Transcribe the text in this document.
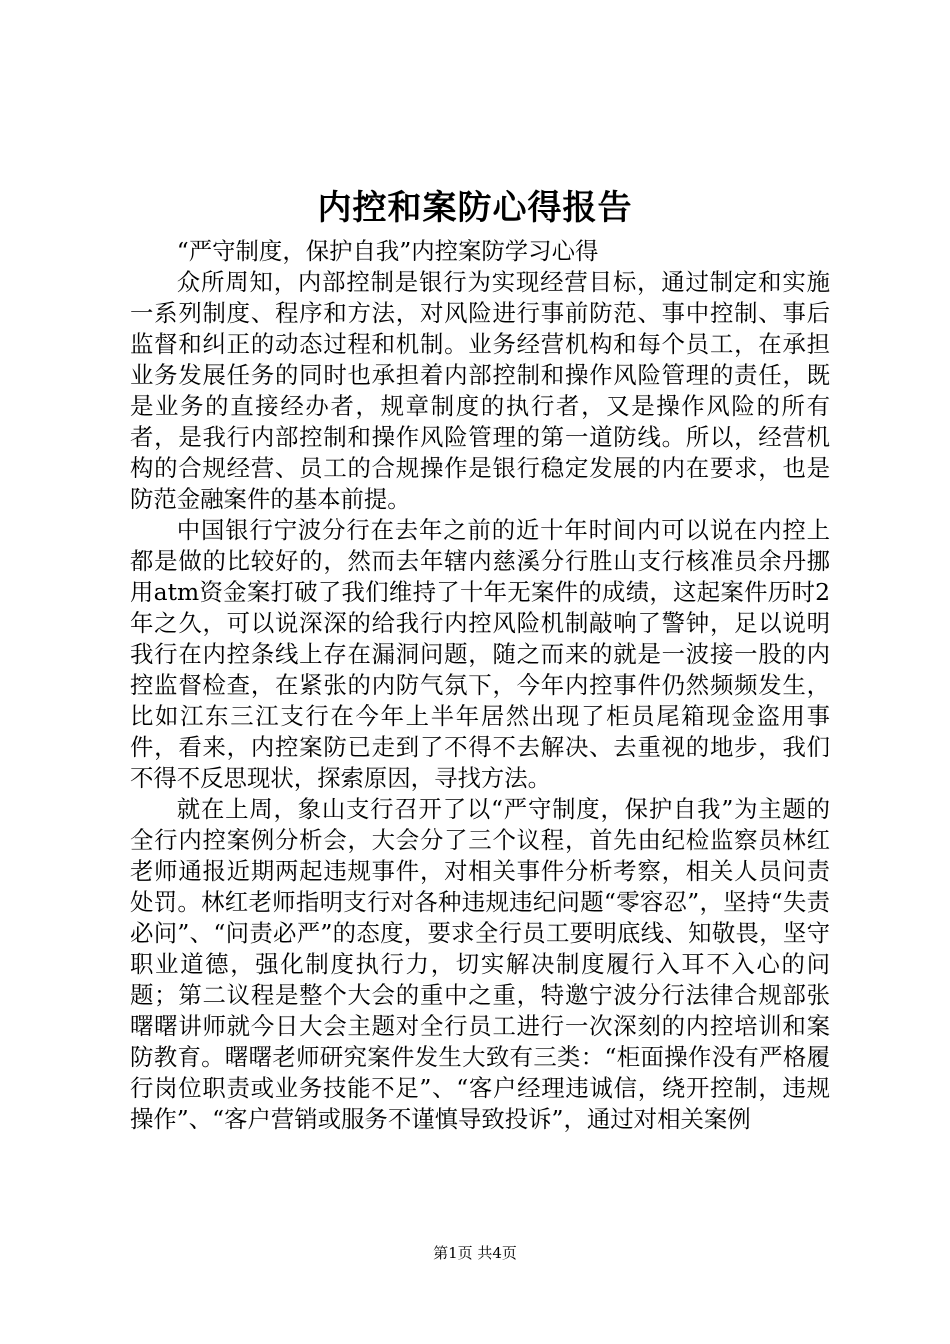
内控和案防心得报告

“严守制度，保护自我”内控案防学习心得

众所周知，内部控制是银行为实现经营目标，通过制定和实施一系列制度、程序和方法，对风险进行事前防范、事中控制、事后监督和纠正的动态过程和机制。业务经营机构和每个员工，在承担业务发展任务的同时也承担着内部控制和操作风险管理的责任，既是业务的直接经办者，规章制度的执行者，又是操作风险的所有者，是我行内部控制和操作风险管理的第一道防线。所以，经营机构的合规经营、员工的合规操作是银行稳定发展的内在要求，也是防范金融案件的基本前提。

中国银行宁波分行在去年之前的近十年时间内可以说在内控上都是做的比较好的，然而去年辖内慈溪分行胜山支行核准员余丹挪用atm资金案打破了我们维持了十年无案件的成绩，这起案件历时2年之久，可以说深深的给我行内控风险机制敲响了警钟，足以说明我行在内控条线上存在漏洞问题，随之而来的就是一波接一股的内控监督检查，在紧张的内防气氛下，今年内控事件仍然频频发生，比如江东三江支行在今年上半年居然出现了柜员尾箱现金盗用事件，看来，内控案防已走到了不得不去解决、去重视的地步，我们不得不反思现状，探索原因，寻找方法。

就在上周，象山支行召开了以“严守制度，保护自我”为主题的全行内控案例分析会，大会分了三个议程，首先由纪检监察员林红老师通报近期两起违规事件，对相关事件分析考察，相关人员问责处罚。林红老师指明支行对各种违规违纪问题“零容忍”，坚持“失责必问”、“问责必严”的态度，要求全行员工要明底线、知敬畏，坚守职业道德，强化制度执行力，切实解决制度履行入耳不入心的问题；第二议程是整个大会的重中之重，特邀宁波分行法律合规部张曙曙讲师就今日大会主题对全行员工进行一次深刻的内控培训和案防教育。曙曙老师研究案件发生大致有三类：“柜面操作没有严格履行岗位职责或业务技能不足”、“客户经理违诚信，绕开控制，违规操作”、“客户营销或服务不谨慎导致投诉”，通过对相关案例

第1页 共4页
